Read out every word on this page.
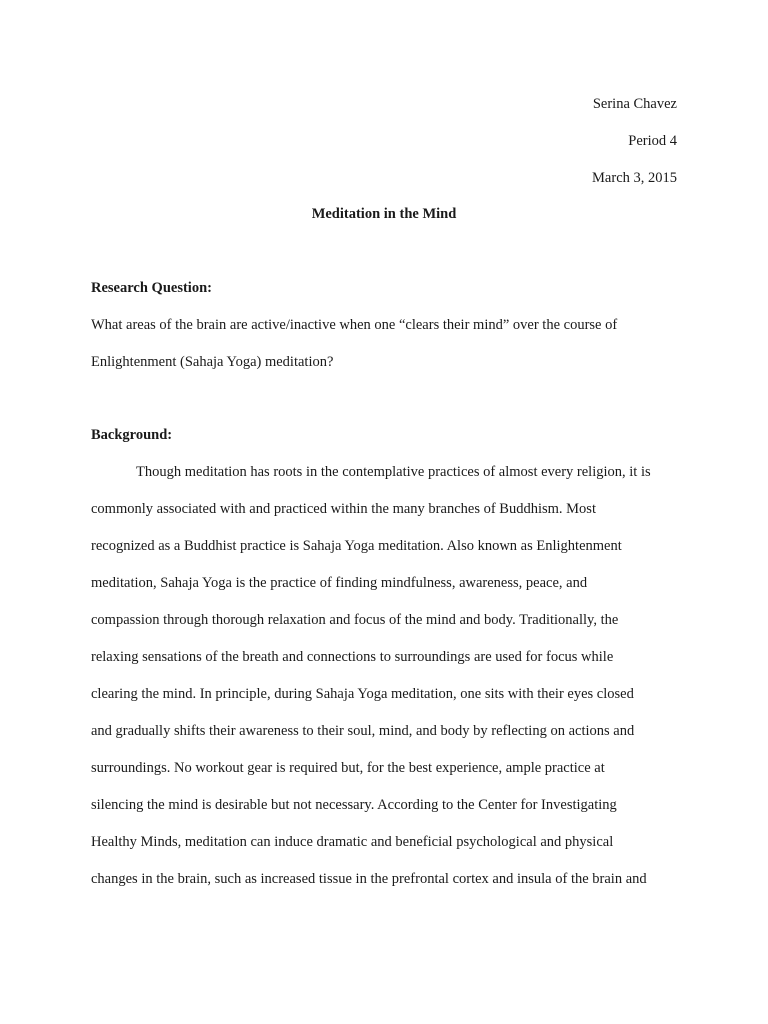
Serina Chavez
Period 4
March 3, 2015
Meditation in the Mind
Research Question:
What areas of the brain are active/inactive when one “clears their mind” over the course of
Enlightenment (Sahaja Yoga) meditation?
Background:
Though meditation has roots in the contemplative practices of almost every religion, it is
commonly associated with and practiced within the many branches of Buddhism. Most
recognized as a Buddhist practice is Sahaja Yoga meditation. Also known as Enlightenment
meditation, Sahaja Yoga is the practice of finding mindfulness, awareness, peace, and
compassion through thorough relaxation and focus of the mind and body. Traditionally, the
relaxing sensations of the breath and connections to surroundings are used for focus while
clearing the mind. In principle, during Sahaja Yoga meditation, one sits with their eyes closed
and gradually shifts their awareness to their soul, mind, and body by reflecting on actions and
surroundings. No workout gear is required but, for the best experience, ample practice at
silencing the mind is desirable but not necessary. According to the Center for Investigating
Healthy Minds, meditation can induce dramatic and beneficial psychological and physical
changes in the brain, such as increased tissue in the prefrontal cortex and insula of the brain and
